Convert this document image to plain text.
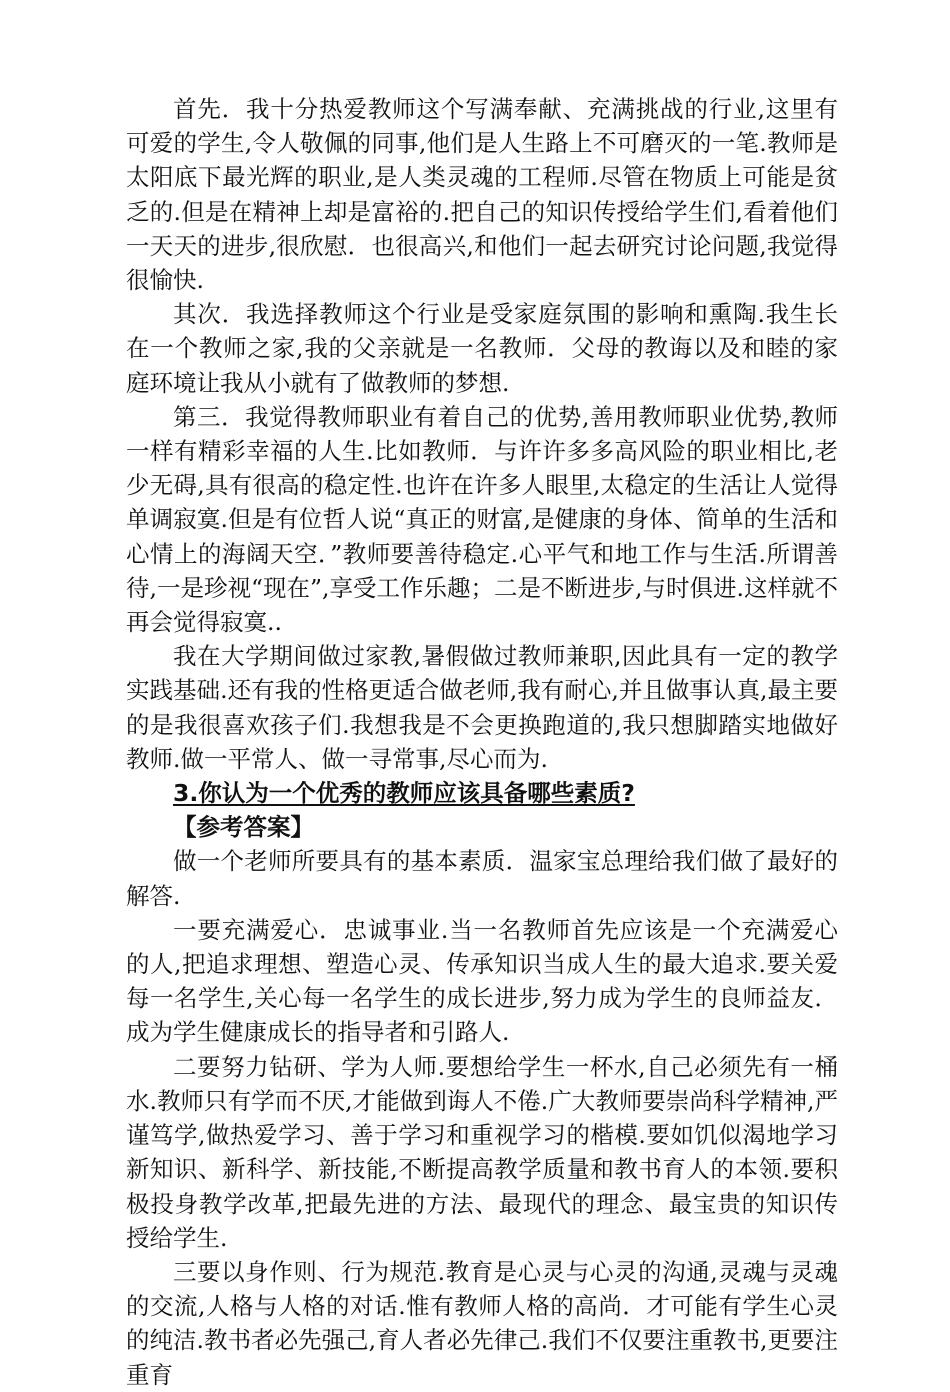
首先．我十分热爱教师这个写满奉献、充满挑战的行业,这里有可爱的学生,令人敬佩的同事,他们是人生路上不可磨灭的一笔.教师是太阳底下最光辉的职业,是人类灵魂的工程师.尽管在物质上可能是贫乏的.但是在精神上却是富裕的.把自己的知识传授给学生们,看着他们一天天的进步,很欣慰．也很高兴,和他们一起去研究讨论问题,我觉得很愉快.

其次．我选择教师这个行业是受家庭氛围的影响和熏陶.我生长在一个教师之家,我的父亲就是一名教师．父母的教诲以及和睦的家庭环境让我从小就有了做教师的梦想.

第三．我觉得教师职业有着自己的优势,善用教师职业优势,教师一样有精彩幸福的人生.比如教师．与许许多多高风险的职业相比,老少无碍,具有很高的稳定性.也许在许多人眼里,太稳定的生活让人觉得单调寂寞.但是有位哲人说“真正的财富,是健康的身体、简单的生活和心情上的海阔天空．”教师要善待稳定.心平气和地工作与生活.所谓善待,一是珍视“现在”,享受工作乐趣；二是不断进步,与时俱进.这样就不再会觉得寂寞..

我在大学期间做过家教,暑假做过教师兼职,因此具有一定的教学实践基础.还有我的性格更适合做老师,我有耐心,并且做事认真,最主要的是我很喜欢孩子们.我想我是不会更换跑道的,我只想脚踏实地做好教师.做一平常人、做一寻常事,尽心而为.

3.你认为一个优秀的教师应该具备哪些素质?

【参考答案】

做一个老师所要具有的基本素质．温家宝总理给我们做了最好的解答.

一要充满爱心．忠诚事业.当一名教师首先应该是一个充满爱心的人,把追求理想、塑造心灵、传承知识当成人生的最大追求.要关爱每一名学生,关心每一名学生的成长进步,努力成为学生的良师益友．成为学生健康成长的指导者和引路人.

二要努力钻研、学为人师.要想给学生一杯水,自己必须先有一桶水.教师只有学而不厌,才能做到诲人不倦.广大教师要崇尚科学精神,严谨笃学,做热爱学习、善于学习和重视学习的楷模.要如饥似渴地学习新知识、新科学、新技能,不断提高教学质量和教书育人的本领.要积极投身教学改革,把最先进的方法、最现代的理念、最宝贵的知识传授给学生.

三要以身作则、行为规范.教育是心灵与心灵的沟通,灵魂与灵魂的交流,人格与人格的对话.惟有教师人格的高尚．才可能有学生心灵的纯洁.教书者必先强己,育人者必先律己.我们不仅要注重教书,更要注重育
